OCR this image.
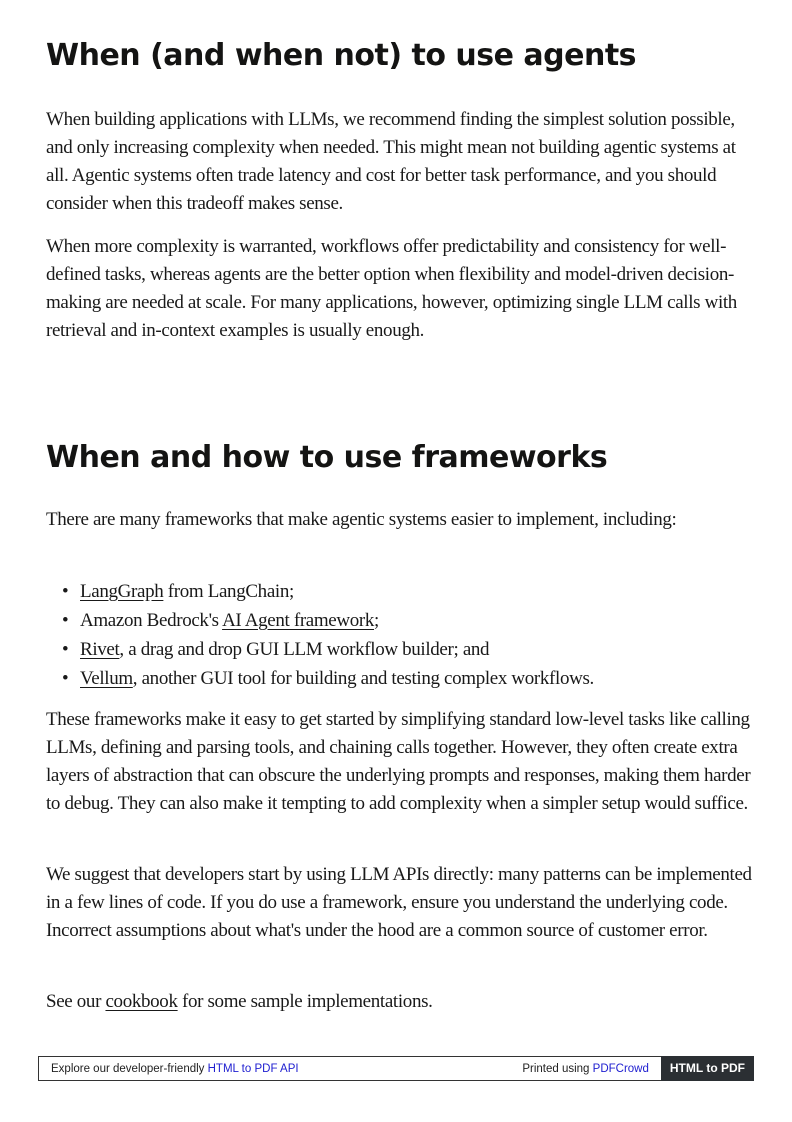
When (and when not) to use agents

When building applications with LLMs, we recommend finding the simplest solution possible, and only increasing complexity when needed. This might mean not building agentic systems at all. Agentic systems often trade latency and cost for better task performance, and you should consider when this tradeoff makes sense.

When more complexity is warranted, workflows offer predictability and consistency for well-defined tasks, whereas agents are the better option when flexibility and model-driven decision-making are needed at scale. For many applications, however, optimizing single LLM calls with retrieval and in-context examples is usually enough.

When and how to use frameworks

There are many frameworks that make agentic systems easier to implement, including:

• LangGraph from LangChain;
• Amazon Bedrock's AI Agent framework;
• Rivet, a drag and drop GUI LLM workflow builder; and
• Vellum, another GUI tool for building and testing complex workflows.

These frameworks make it easy to get started by simplifying standard low-level tasks like calling LLMs, defining and parsing tools, and chaining calls together. However, they often create extra layers of abstraction that can obscure the underlying prompts and responses, making them harder to debug. They can also make it tempting to add complexity when a simpler setup would suffice.

We suggest that developers start by using LLM APIs directly: many patterns can be implemented in a few lines of code. If you do use a framework, ensure you understand the underlying code. Incorrect assumptions about what's under the hood are a common source of customer error.

See our cookbook for some sample implementations.

Explore our developer-friendly HTML to PDF API	Printed using PDFCrowd	HTML to PDF
